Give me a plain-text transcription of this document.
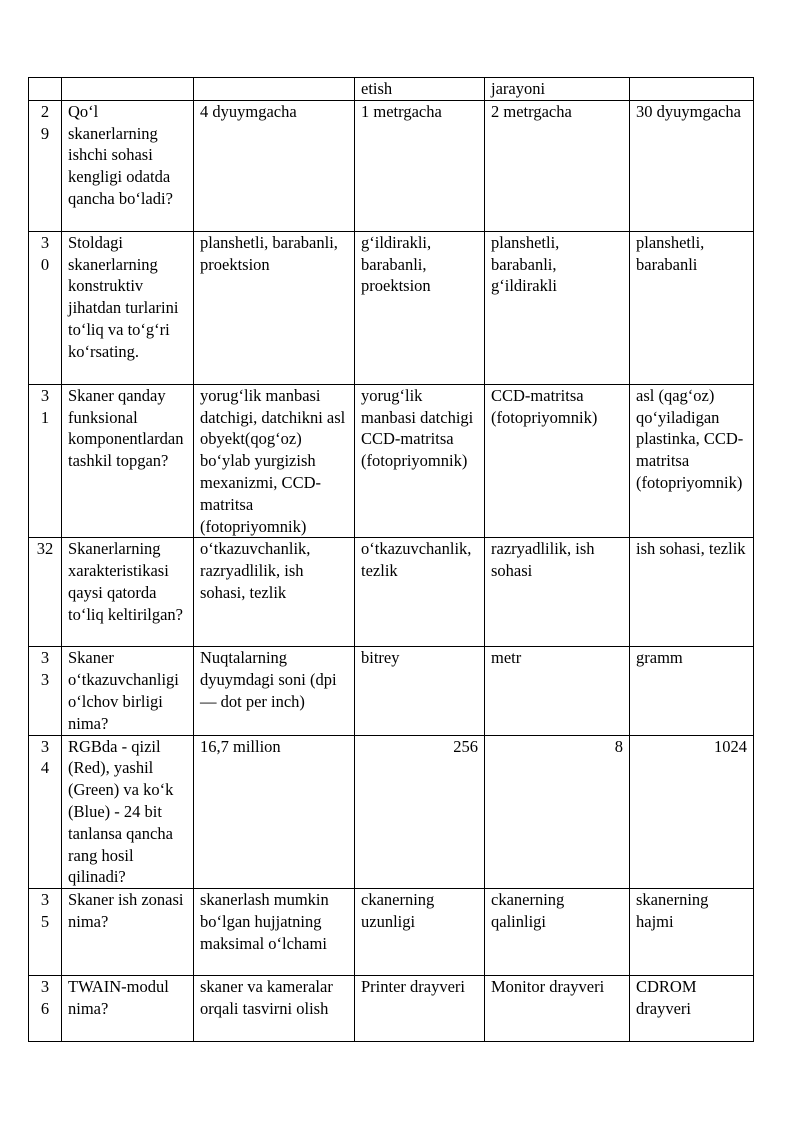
			etish	jarayoni	

29	Qo‘l skanerlarning ishchi sohasi kengligi odatda qancha bo‘ladi?	4 dyuymgacha	1 metrgacha	2 metrgacha	30 dyuymgacha

30	Stoldagi skanerlarning konstruktiv jihatdan turlarini to‘liq va to‘g‘ri ko‘rsating.	planshetli, barabanli, proektsion	g‘ildirakli, barabanli, proektsion	planshetli, barabanli, g‘ildirakli	planshetli, barabanli

31	Skaner qanday funksional komponentlardan tashkil topgan?	yorug‘lik manbasi datchigi, datchikni asl obyekt(qog‘oz) bo‘ylab yurgizish mexanizmi, CCD-matritsa (fotopriyomnik)	yorug‘lik manbasi datchigi CCD-matritsa (fotopriyomnik)	CCD-matritsa (fotopriyomnik)	asl (qag‘oz) qo‘yiladigan plastinka, CCD-matritsa (fotopriyomnik)

32	Skanerlarning xarakteristikasi qaysi qatorda to‘liq keltirilgan?	o‘tkazuvchanlik, razryadlilik, ish sohasi, tezlik	o‘tkazuvchanlik, tezlik	razryadlilik, ish sohasi	ish sohasi, tezlik

33	Skaner o‘tkazuvchanligi o‘lchov birligi nima?	Nuqtalarning dyuymdagi soni (dpi — dot per inch)	bitrey	metr	gramm

34	RGBda - qizil (Red), yashil (Green) va ko‘k (Blue) - 24 bit tanlansa qancha rang hosil qilinadi?	16,7 million	256	8	1024

35	Skaner ish zonasi nima?	skanerlash mumkin bo‘lgan hujjatning maksimal o‘lchami	ckanerning uzunligi	ckanerning qalinligi	skanerning hajmi

36	TWAIN-modul nima?	skaner va kameralar orqali tasvirni olish	Printer drayveri	Monitor drayveri	CDROM drayveri
